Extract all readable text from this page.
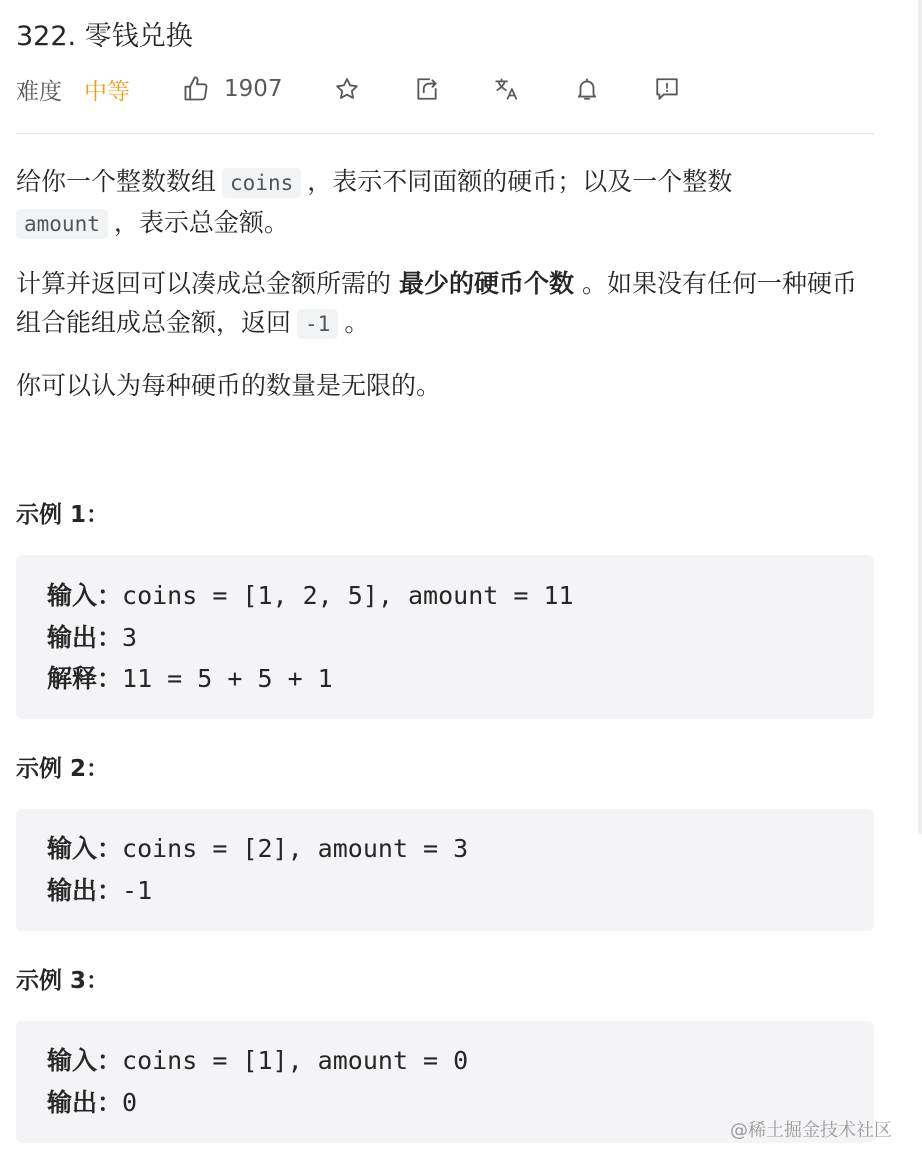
322. 零钱兑换
难度 中等	1907

给你一个整数数组 coins ，表示不同面额的硬币；以及一个整数
amount ，表示总金额。

计算并返回可以凑成总金额所需的 最少的硬币个数 。如果没有任何一种硬币组合能组成总金额，返回 -1 。

你可以认为每种硬币的数量是无限的。

示例 1：
输入：coins = [1, 2, 5], amount = 11
输出：3
解释：11 = 5 + 5 + 1
示例 2：
输入：coins = [2], amount = 3
输出：-1
示例 3：
输入：coins = [1], amount = 0
输出：0
@稀土掘金技术社区
